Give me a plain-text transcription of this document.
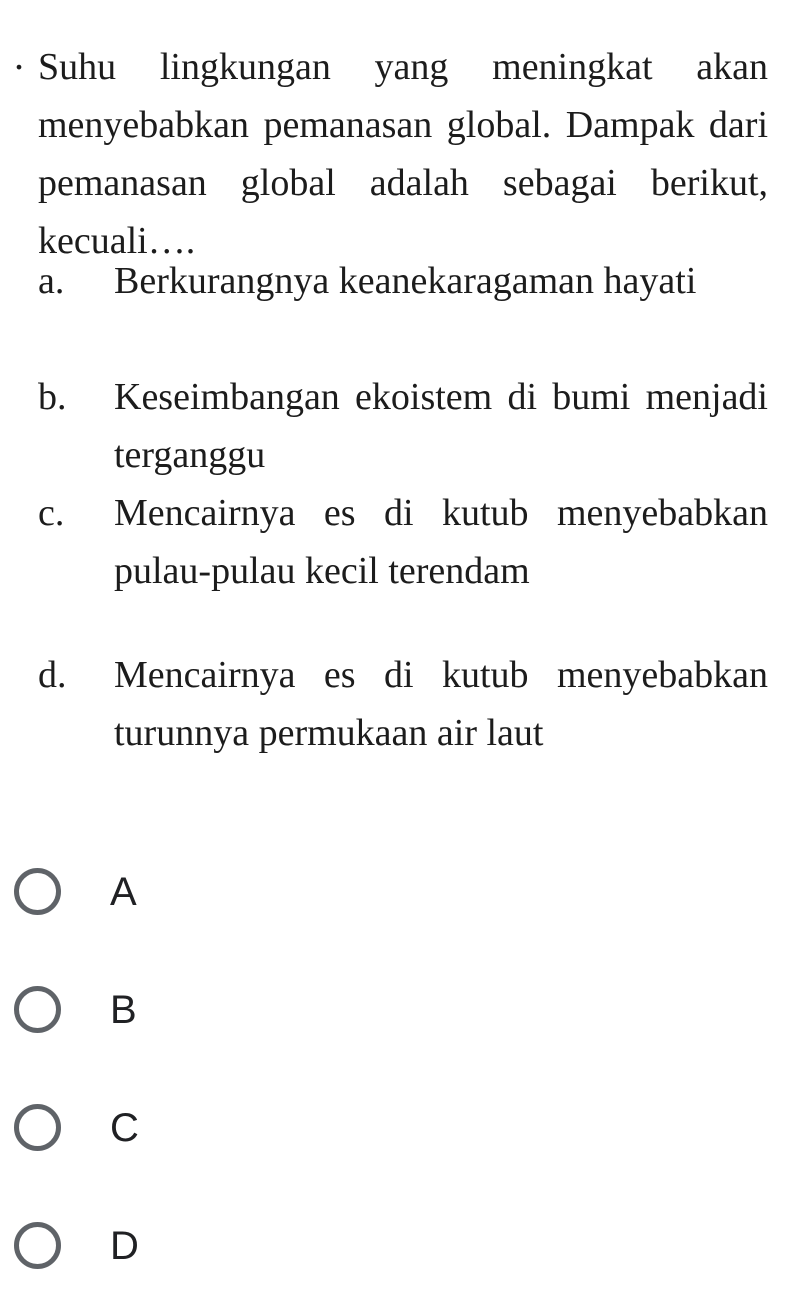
. Suhu lingkungan yang meningkat akan menyebabkan pemanasan global. Dampak dari pemanasan global adalah sebagai berikut, kecuali….
a.	Berkurangnya keanekaragaman hayati
b.	Keseimbangan ekoistem di bumi menjadi terganggu
c.	Mencairnya es di kutub menyebabkan pulau-pulau kecil terendam
d.	Mencairnya es di kutub menyebabkan turunnya permukaan air laut
A
B
C
D
